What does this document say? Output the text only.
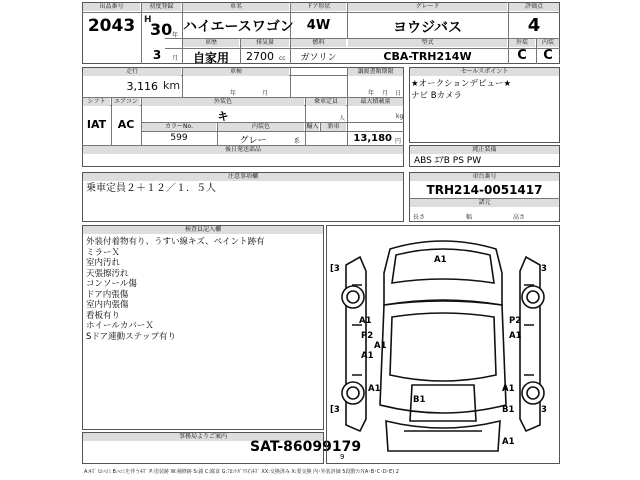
出品番号
2043
初度登録
H
30 年
3	月
車名
ハイエースワゴン
車歴
自家用
排気量
2700 cc
ドア形状
4W
燃料
ガソリン
グレード
ヨウジバス
型式
CBA-TRH214W
評価点
4
外装	内装
C	C
走行
3,116 km
車検
年	月
譲渡書類期限
年 月 日
シフト
IAT
エアコン
AC
外装色
キ
カラーNo.
599
内装色
グレー	系
乗車定員
人
最大積載量
kg
輸入	新車
13,180 円
後日発送部品
セールスポイント
★オークションデビュー★
ナビ Bカメラ
純正装備
ABS ｴｱB PS PW
車台番号
TRH214-0051417
諸元
長さ	幅	高さ
注意事項欄
乗車定員２＋１２／１．５人
検査員記入欄
外装付着物有り、うすい線キズ、ペイント跡有
ミラーＸ
室内汚れ
天張擦汚れ
コンソール傷
ドア内張傷
室内内張傷
看板有り
ホイールカバーＸ
Sドア連動ステップ有り
事務局よりご案内
SAT-86099179
[3
A1
3
A1
P2
A1
P2
A1
A1
A1	A1
B1
B1
[3	3
A1
9
A:ｷｽﾞ U:ﾍｺﾐ B:ﾍｺﾐを伴うｷｽﾞ P:塗装跡 W:補修跡 S:錆 C:腐食 G:ﾌﾛﾝﾄｶﾞﾗｽ石ｷｽﾞ XX:交換済み X:要交換 内･外装評価 5段階ﾗﾝｸ(A･B･C･D･E) 2
